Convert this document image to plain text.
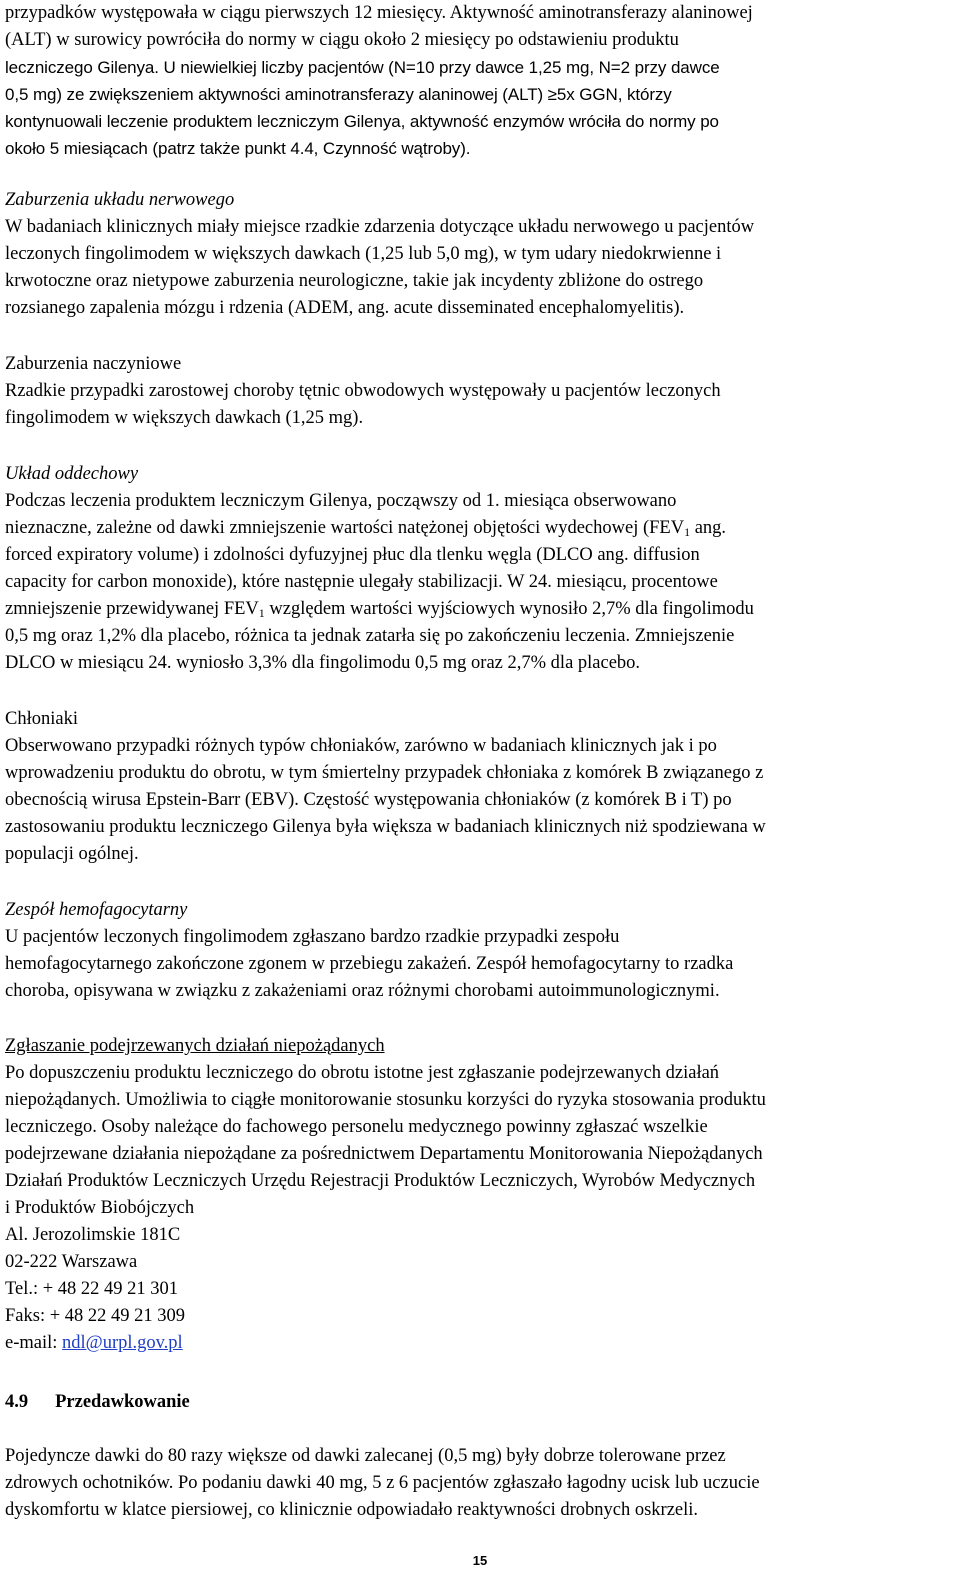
przypadków występowała w ciągu pierwszych 12 miesięcy. Aktywność aminotransferazy alaninowej

(ALT) w surowicy powróciła do normy w ciągu około 2 miesięcy po odstawieniu produktu

leczniczego Gilenya. U niewielkiej liczby pacjentów (N=10 przy dawce 1,25 mg, N=2 przy dawce

0,5 mg) ze zwiększeniem aktywności aminotransferazy alaninowej (ALT) ≥5x GGN, którzy

kontynuowali leczenie produktem leczniczym Gilenya, aktywność enzymów wróciła do normy po

około 5 miesiącach (patrz także punkt 4.4, Czynność wątroby).

Zaburzenia układu nerwowego

W badaniach klinicznych miały miejsce rzadkie zdarzenia dotyczące układu nerwowego u pacjentów

leczonych fingolimodem w większych dawkach (1,25 lub 5,0 mg), w tym udary niedokrwienne i

krwotoczne oraz nietypowe zaburzenia neurologiczne, takie jak incydenty zbliżone do ostrego

rozsianego zapalenia mózgu i rdzenia (ADEM, ang. acute disseminated encephalomyelitis).

Zaburzenia naczyniowe

Rzadkie przypadki zarostowej choroby tętnic obwodowych występowały u pacjentów leczonych

fingolimodem w większych dawkach (1,25 mg).

Układ oddechowy

Podczas leczenia produktem leczniczym Gilenya, począwszy od 1. miesiąca obserwowano

nieznaczne, zależne od dawki zmniejszenie wartości natężonej objętości wydechowej ($FEV_1$ ang.

forced expiratory volume) i zdolności dyfuzyjnej płuc dla tlenku węgla (DLCO ang. diffusion

capacity for carbon monoxide), które następnie ulegały stabilizacji. W 24. miesiącu, procentowe

zmniejszenie przewidywanej $FEV_1$ względem wartości wyjściowych wynosiło 2,7% dla fingolimodu

0,5 mg oraz 1,2% dla placebo, różnica ta jednak zatarła się po zakończeniu leczenia. Zmniejszenie

DLCO w miesiącu 24. wyniosło 3,3% dla fingolimodu 0,5 mg oraz 2,7% dla placebo.

Chłoniaki

Obserwowano przypadki różnych typów chłoniaków, zarówno w badaniach klinicznych jak i po

wprowadzeniu produktu do obrotu, w tym śmiertelny przypadek chłoniaka z komórek B związanego z

obecnością wirusa Epstein-Barr (EBV). Częstość występowania chłoniaków (z komórek B i T) po

zastosowaniu produktu leczniczego Gilenya była większa w badaniach klinicznych niż spodziewana w

populacji ogólnej.

Zespół hemofagocytarny

U pacjentów leczonych fingolimodem zgłaszano bardzo rzadkie przypadki zespołu

hemofagocytarnego zakończone zgonem w przebiegu zakażeń. Zespół hemofagocytarny to rzadka

choroba, opisywana w związku z zakażeniami oraz różnymi chorobami autoimmunologicznymi.

Zgłaszanie podejrzewanych działań niepożądanych

Po dopuszczeniu produktu leczniczego do obrotu istotne jest zgłaszanie podejrzewanych działań

niepożądanych. Umożliwia to ciągłe monitorowanie stosunku korzyści do ryzyka stosowania produktu

leczniczego. Osoby należące do fachowego personelu medycznego powinny zgłaszać wszelkie

podejrzewane działania niepożądane za pośrednictwem Departamentu Monitorowania Niepożądanych

Działań Produktów Leczniczych Urzędu Rejestracji Produktów Leczniczych, Wyrobów Medycznych

i Produktów Biobójczych

Al. Jerozolimskie 181C

02-222 Warszawa

Tel.: + 48 22 49 21 301

Faks: + 48 22 49 21 309

e-mail: ndl@urpl.gov.pl

4.9 Przedawkowanie

Pojedyncze dawki do 80 razy większe od dawki zalecanej (0,5 mg) były dobrze tolerowane przez

zdrowych ochotników. Po podaniu dawki 40 mg, 5 z 6 pacjentów zgłaszało łagodny ucisk lub uczucie

dyskomfortu w klatce piersiowej, co klinicznie odpowiadało reaktywności drobnych oskrzeli.

15
